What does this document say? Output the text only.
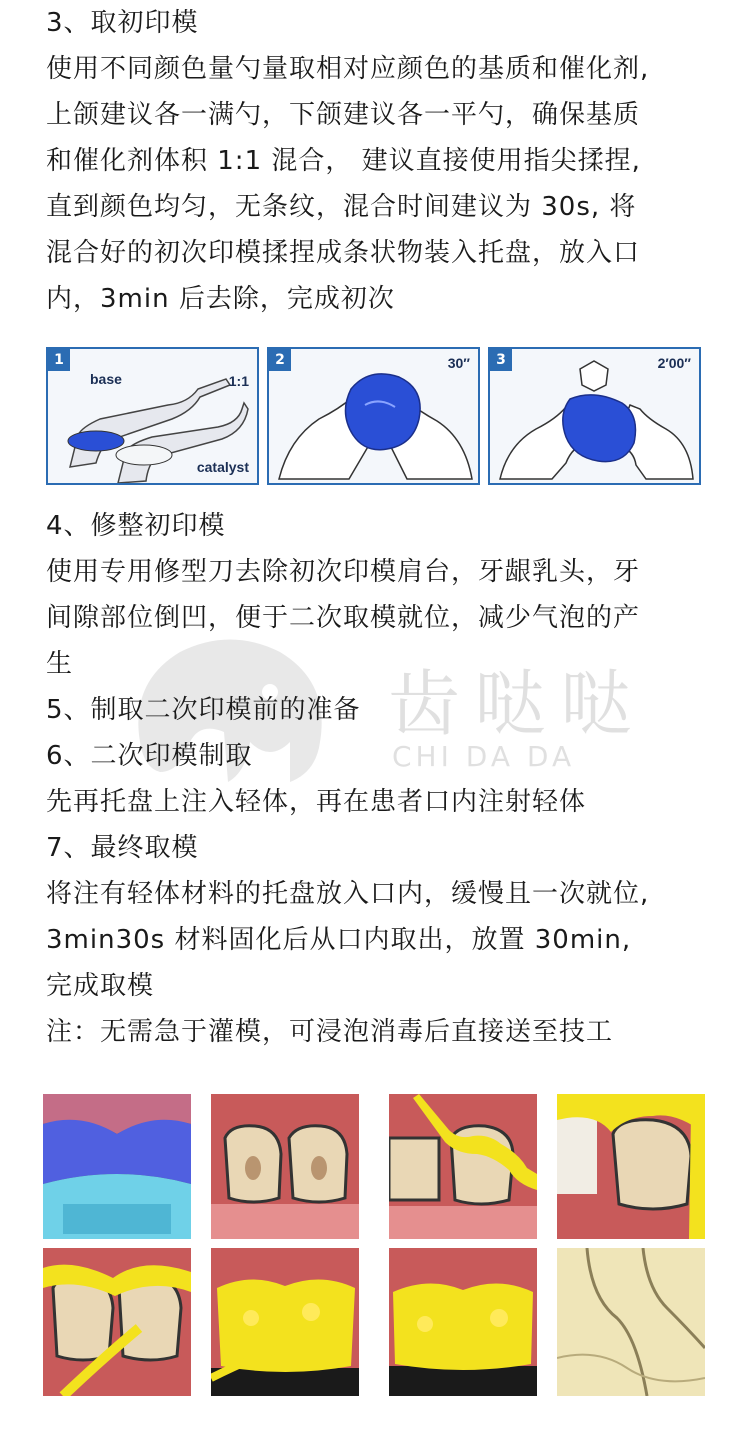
3、取初印模
使用不同颜色量勺量取相对应颜色的基质和催化剂,
上颌建议各一满勺，下颌建议各一平勺，确保基质
和催化剂体积 1:1 混合， 建议直接使用指尖揉捏,
直到颜色均匀，无条纹，混合时间建议为 30s, 将
混合好的初次印模揉捏成条状物装入托盘，放入口
内，3min 后去除，完成初次
1
base	1:1
catalyst
2	30″	3	2′00″
4、修整初印模
使用专用修型刀去除初次印模肩台，牙龈乳头，牙
间隙部位倒凹，便于二次取模就位，减少气泡的产
生	齿哒哒
CHI DA DA
5、制取二次印模前的准备
6、二次印模制取
先再托盘上注入轻体，再在患者口内注射轻体
7、最终取模
将注有轻体材料的托盘放入口内，缓慢且一次就位,
3min30s 材料固化后从口内取出，放置 30min,
完成取模
注：无需急于灌模，可浸泡消毒后直接送至技工
